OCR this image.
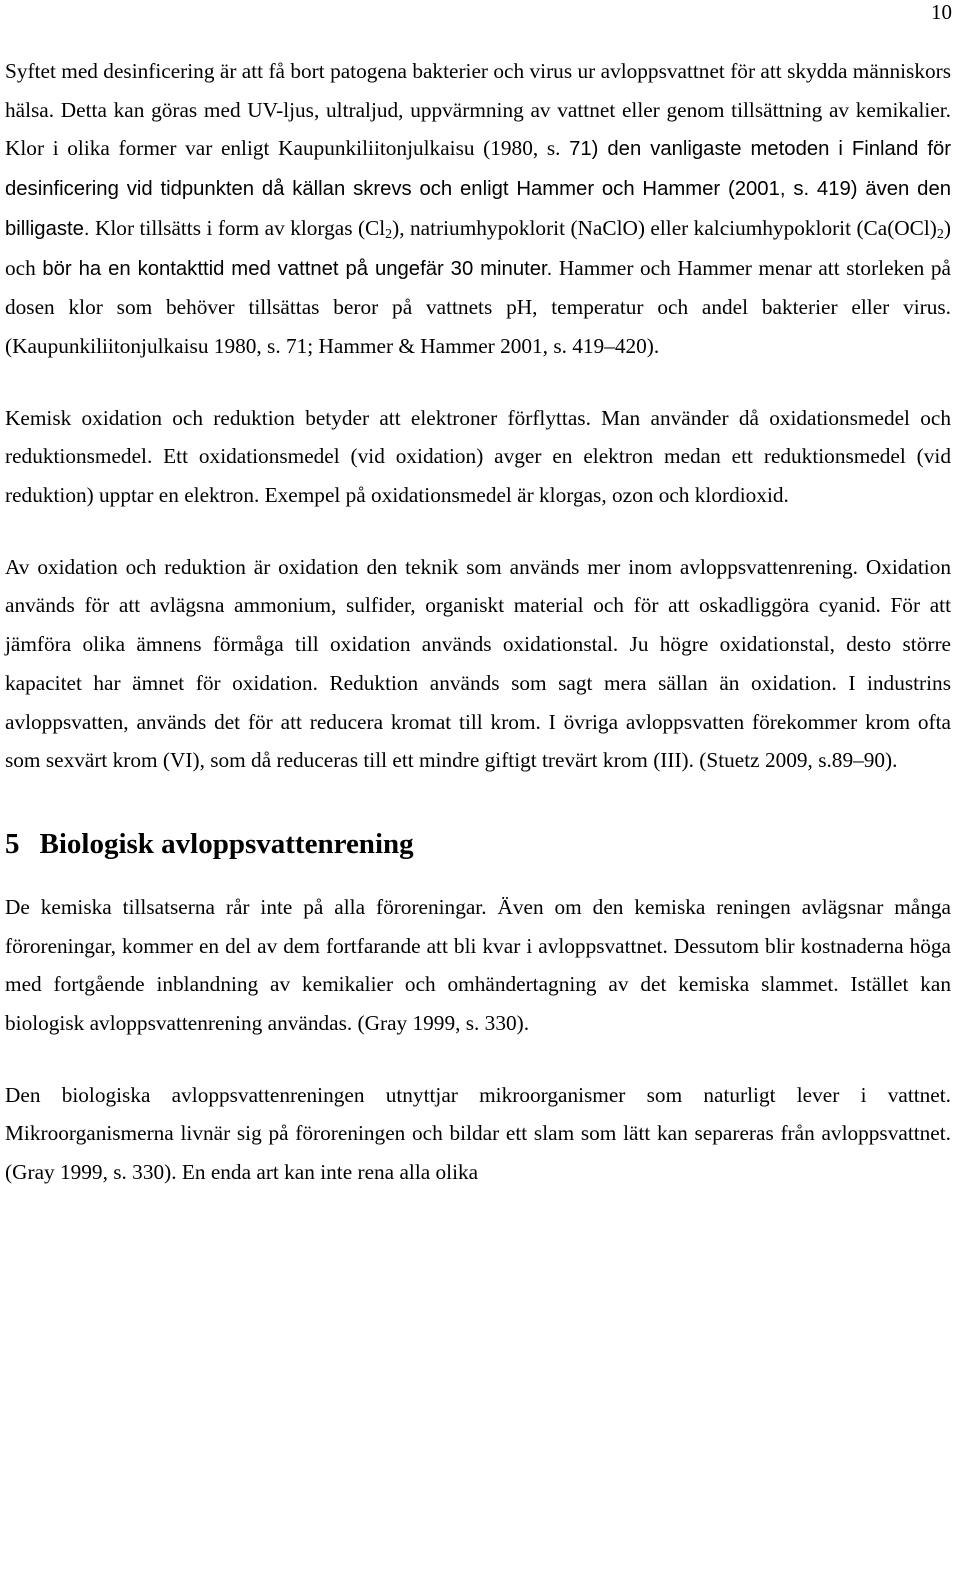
10

Syftet med desinficering är att få bort patogena bakterier och virus ur avloppsvattnet för att skydda människors hälsa. Detta kan göras med UV-ljus, ultraljud, uppvärmning av vattnet eller genom tillsättning av kemikalier. Klor i olika former var enligt Kaupunkiliitonjulkaisu (1980, s. 71) den vanligaste metoden i Finland för desinficering vid tidpunkten då källan skrevs och enligt Hammer och Hammer (2001, s. 419) även den billigaste. Klor tillsätts i form av klorgas $(Cl_2)$, natriumhypoklorit (NaClO) eller kalciumhypoklorit $(Ca(OCl)_2)$ och bör ha en kontakttid med vattnet på ungefär 30 minuter. Hammer och Hammer menar att storleken på dosen klor som behöver tillsättas beror på vattnets pH, temperatur och andel bakterier eller virus. (Kaupunkiliitonjulkaisu 1980, s. 71; Hammer & Hammer 2001, s. 419–420).

Kemisk oxidation och reduktion betyder att elektroner förflyttas. Man använder då oxidationsmedel och reduktionsmedel. Ett oxidationsmedel (vid oxidation) avger en elektron medan ett reduktionsmedel (vid reduktion) upptar en elektron. Exempel på oxidationsmedel är klorgas, ozon och klordioxid.

Av oxidation och reduktion är oxidation den teknik som används mer inom avloppsvattenrening. Oxidation används för att avlägsna ammonium, sulfider, organiskt material och för att oskadliggöra cyanid. För att jämföra olika ämnens förmåga till oxidation används oxidationstal. Ju högre oxidationstal, desto större kapacitet har ämnet för oxidation. Reduktion används som sagt mera sällan än oxidation. I industrins avloppsvatten, används det för att reducera kromat till krom. I övriga avloppsvatten förekommer krom ofta som sexvärt krom (VI), som då reduceras till ett mindre giftigt trevärt krom (III). (Stuetz 2009, s.89–90).

5 Biologisk avloppsvattenrening

De kemiska tillsatserna rår inte på alla föroreningar. Även om den kemiska reningen avlägsnar många föroreningar, kommer en del av dem fortfarande att bli kvar i avloppsvattnet. Dessutom blir kostnaderna höga med fortgående inblandning av kemikalier och omhändertagning av det kemiska slammet. Istället kan biologisk avloppsvattenrening användas. (Gray 1999, s. 330).

Den biologiska avloppsvattenreningen utnyttjar mikroorganismer som naturligt lever i vattnet. Mikroorganismerna livnär sig på föroreningen och bildar ett slam som lätt kan separeras från avloppsvattnet. (Gray 1999, s. 330). En enda art kan inte rena alla olika
